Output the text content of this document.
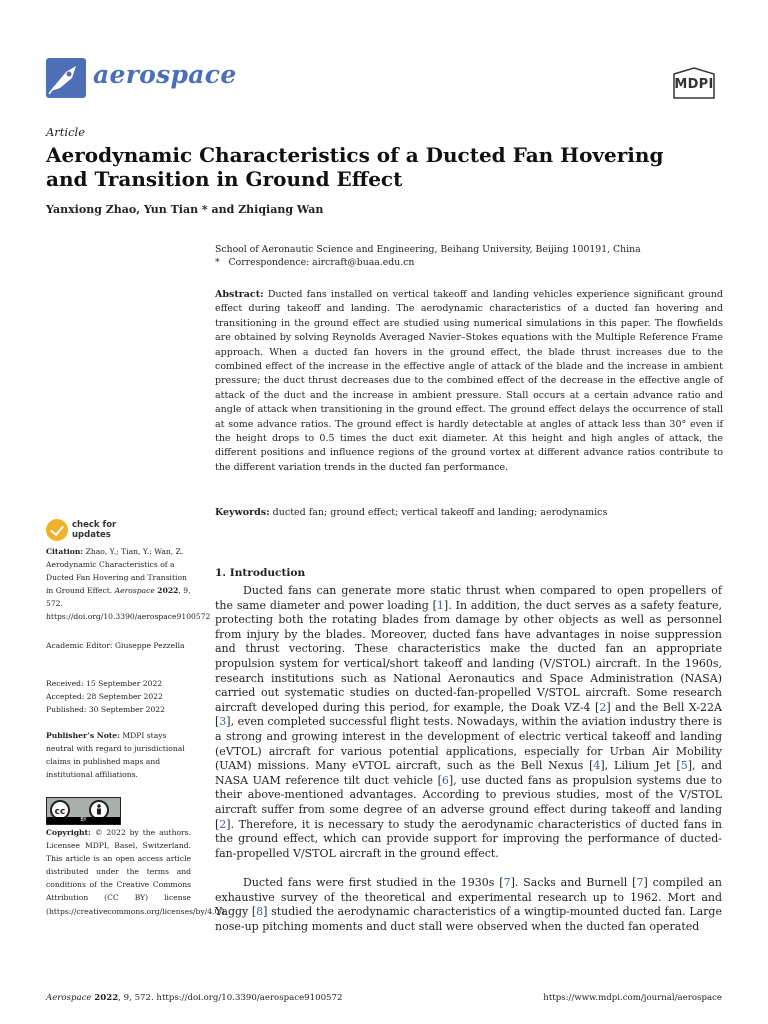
aerospace	MDPI
Article
Aerodynamic Characteristics of a Ducted Fan Hovering and Transition in Ground Effect
Yanxiong Zhao, Yun Tian * and Zhiqiang Wan
School of Aeronautic Science and Engineering, Beihang University, Beijing 100191, China
*   Correspondence: aircraft@buaa.edu.cn
Abstract: Ducted fans installed on vertical takeoff and landing vehicles experience significant ground effect during takeoff and landing. The aerodynamic characteristics of a ducted fan hovering and transitioning in the ground effect are studied using numerical simulations in this paper. The flowfields are obtained by solving Reynolds Averaged Navier–Stokes equations with the Multiple Reference Frame approach. When a ducted fan hovers in the ground effect, the blade thrust increases due to the combined effect of the increase in the effective angle of attack of the blade and the increase in ambient pressure; the duct thrust decreases due to the combined effect of the decrease in the effective angle of attack of the duct and the increase in ambient pressure. Stall occurs at a certain advance ratio and angle of attack when transitioning in the ground effect. The ground effect delays the occurrence of stall at some advance ratios. The ground effect is hardly detectable at angles of attack less than 30° even if the height drops to 0.5 times the duct exit diameter. At this height and high angles of attack, the different positions and influence regions of the ground vortex at different advance ratios contribute to the different variation trends in the ducted fan performance.
Keywords: ducted fan; ground effect; vertical takeoff and landing; aerodynamics
check for
updates
Citation: Zhao, Y.; Tian, Y.; Wan, Z. Aerodynamic Characteristics of a Ducted Fan Hovering and Transition in Ground Effect. Aerospace 2022, 9, 572. https://doi.org/10.3390/aerospace9100572
Academic Editor: Giuseppe Pezzella
Received: 15 September 2022
Accepted: 28 September 2022
Published: 30 September 2022
Publisher’s Note: MDPI stays neutral with regard to jurisdictional claims in published maps and institutional affiliations.
cc
BY
Copyright: © 2022 by the authors. Licensee MDPI, Basel, Switzerland. This article is an open access article distributed under the terms and conditions of the Creative Commons Attribution (CC BY) license (https://creativecommons.org/licenses/by/4.0/).
1. Introduction
Ducted fans can generate more static thrust when compared to open propellers of the same diameter and power loading [1]. In addition, the duct serves as a safety feature, protecting both the rotating blades from damage by other objects as well as personnel from injury by the blades. Moreover, ducted fans have advantages in noise suppression and thrust vectoring. These characteristics make the ducted fan an appropriate propulsion system for vertical/short takeoff and landing (V/STOL) aircraft. In the 1960s, research institutions such as National Aeronautics and Space Administration (NASA) carried out systematic studies on ducted-fan-propelled V/STOL aircraft. Some research aircraft developed during this period, for example, the Doak VZ-4 [2] and the Bell X-22A [3], even completed successful flight tests. Nowadays, within the aviation industry there is a strong and growing interest in the development of electric vertical takeoff and landing (eVTOL) aircraft for various potential applications, especially for Urban Air Mobility (UAM) missions. Many eVTOL aircraft, such as the Bell Nexus [4], Lilium Jet [5], and NASA UAM reference tilt duct vehicle [6], use ducted fans as propulsion systems due to their above-mentioned advantages. According to previous studies, most of the V/STOL aircraft suffer from some degree of an adverse ground effect during takeoff and landing [2]. Therefore, it is necessary to study the aerodynamic characteristics of ducted fans in the ground effect, which can provide support for improving the performance of ducted-fan-propelled V/STOL aircraft in the ground effect.
Ducted fans were first studied in the 1930s [7]. Sacks and Burnell [7] compiled an exhaustive survey of the theoretical and experimental research up to 1962. Mort and Yaggy [8] studied the aerodynamic characteristics of a wingtip-mounted ducted fan. Large nose-up pitching moments and duct stall were observed when the ducted fan operated
Aerospace 2022, 9, 572. https://doi.org/10.3390/aerospace9100572	https://www.mdpi.com/journal/aerospace
